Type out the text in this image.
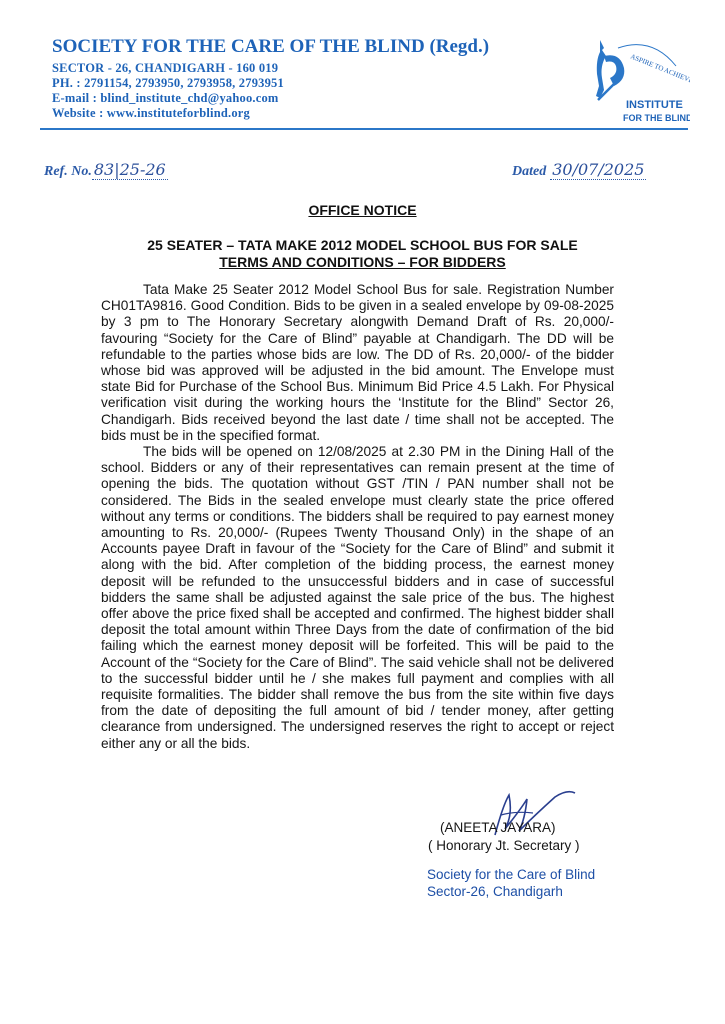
SOCIETY FOR THE CARE OF THE BLIND (Regd.)
SECTOR - 26, CHANDIGARH - 160 019
PH. : 2791154, 2793950, 2793958, 2793951
E-mail : blind_institute_chd@yahoo.com
Website : www.instituteforblind.org
ASPIRE TO ACHIEVE
INSTITUTE
FOR THE BLIND
Ref. No. 83|25-26	Dated 30/07/2025
OFFICE NOTICE
25 SEATER – TATA MAKE 2012 MODEL SCHOOL BUS FOR SALE
TERMS AND CONDITIONS – FOR BIDDERS

Tata Make 25 Seater 2012 Model School Bus for sale. Registration Number CH01TA9816. Good Condition. Bids to be given in a sealed envelope by 09-08-2025 by 3 pm to The Honorary Secretary alongwith Demand Draft of Rs. 20,000/- favouring “Society for the Care of Blind” payable at Chandigarh. The DD will be refundable to the parties whose bids are low. The DD of Rs. 20,000/- of the bidder whose bid was approved will be adjusted in the bid amount. The Envelope must state Bid for Purchase of the School Bus. Minimum Bid Price 4.5 Lakh. For Physical verification visit during the working hours the ‘Institute for the Blind” Sector 26, Chandigarh. Bids received beyond the last date / time shall not be accepted. The bids must be in the specified format.

The bids will be opened on 12/08/2025 at 2.30 PM in the Dining Hall of the school. Bidders or any of their representatives can remain present at the time of opening the bids. The quotation without GST /TIN / PAN number shall not be considered. The Bids in the sealed envelope must clearly state the price offered without any terms or conditions. The bidders shall be required to pay earnest money amounting to Rs. 20,000/- (Rupees Twenty Thousand Only) in the shape of an Accounts payee Draft in favour of the “Society for the Care of Blind” and submit it along with the bid. After completion of the bidding process, the earnest money deposit will be refunded to the unsuccessful bidders and in case of successful bidders the same shall be adjusted against the sale price of the bus. The highest offer above the price fixed shall be accepted and confirmed. The highest bidder shall deposit the total amount within Three Days from the date of confirmation of the bid failing which the earnest money deposit will be forfeited. This will be paid to the Account of the “Society for the Care of Blind”. The said vehicle shall not be delivered to the successful bidder until he / she makes full payment and complies with all requisite formalities. The bidder shall remove the bus from the site within five days from the date of depositing the full amount of bid / tender money, after getting clearance from undersigned. The undersigned reserves the right to accept or reject either any or all the bids.

(ANEETA JAYARA)
( Honorary Jt. Secretary )
Society for the Care of Blind
Sector-26, Chandigarh
